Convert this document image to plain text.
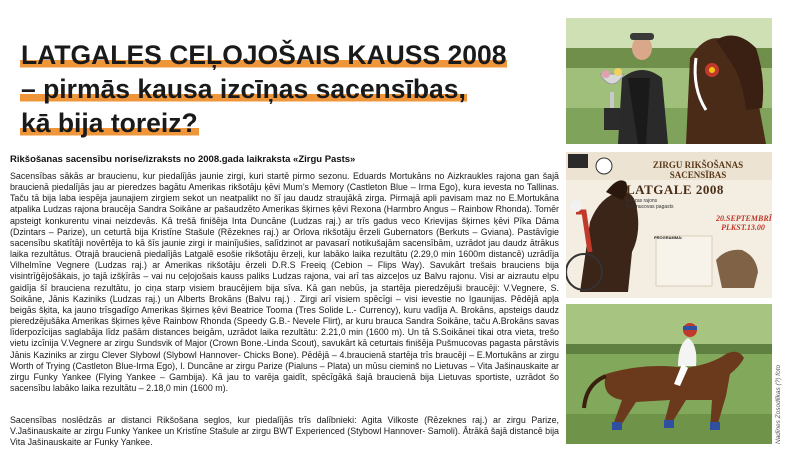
LATGALES CEĻOJOŠAIS KAUSS 2008
– pirmās kausa izcīņas sacensības,
kā bija toreiz?
Rikšošanas sacensību norise/izraksts no 2008.gada laikraksta «Zirgu Pasts»

Sacensības sākās ar braucienu, kur piedalījās jaunie zirgi, kuri startē pirmo sezonu. Eduards Mortukāns no Aizkraukles rajona gan šajā braucienā piedalījās jau ar pieredzes bagātu Amerikas rikšotāju ķēvi Mum’s Memory (Castleton Blue – Irma Ego), kura ievesta no Tallinas. Taču tā bija laba iespēja jaunajiem zirgiem sekot un neatpalikt no šī jau daudz straujākā zirga. Pirmajā apli pavisam maz no E.Mortukāna atpalika Ludzas rajona braucēja Sandra Soikāne ar pašaudzēto Amerikas šķirnes ķēvi Rexona (Harmbro Angus – Rainbow Rhonda). Tomēr apsteigt konkurentu vinai neizdevās. Kā trešā finišēja Inta Duncāne (Ludzas raj.) ar trīs gadus veco Krievijas šķirnes ķēvi Pīka Dāma (Dzintars – Parize), un ceturtā bija Kristīne Stašule (Rēzeknes raj.) ar Orlova rikšotāju ērzeli Gubernators (Berkuts – Gviana). Pastāvīgie sacensību skatītāji novērtēja to kā šīs jaunie zirgi ir mainījušies, salīdzinot ar pavasarī notikušajām sacensībām, uzrādot jau daudz ātrākus laika rezultātus. Otrajā braucienā piedalījās Latgalē esošie rikšotāju ērzeļi, kur labāko laika rezultātu (2.29,0 min 1600m distancē) uzrādīja Vilhelmīne Vegnere (Ludzas raj.) ar Amerikas rikšotāju ērzeli D.R.S Freeiq (Cebion – Flips Way). Savukārt trešais brauciens bija visintrīģējošākais, jo tajā izšķīrās – vai nu ceļojošais kauss paliks Ludzas rajona, vai arī tas aizceļos uz Balvu rajonu. Visi ar aizrautu elpu gaidīja šī brauciena rezultātu, jo ciņa starp visiem braucējiem bija sīva. Kā gan nebūs, ja startēja pieredzējuši braucēji: V.Vegnere, S. Soikāne, Jānis Kaziniks (Ludzas raj.) un Alberts Brokāns (Balvu raj.) . Zirgi arī visiem spēcīgi – visi ievestie no Igaunijas. Pēdējā apļa beigās šķita, ka jauno trīsgadīgo Amerikas šķirnes ķēvi Beatrice Tooma (Tres Solide L.- Currency), kuru vadīja A. Brokāns, apsteigs daudz pieredzējušāka Amerikas šķirnes ķēve Rainbow Rhonda (Speedy G.B.- Nevele Flirt), ar kuru brauca Sandra Soikāne, taču A.Brokāns savas līderpozīcijas saglabāja līdz pašām distances beigām, uzrādot laika rezultātu: 2.21,0 min (1600 m). Un tā S.Soikānei tikai otra vieta, trešo vietu izcīnija V.Vegnere ar zirgu Sundsvik of Major (Crown Bone.-Linda Scout), savukārt kā ceturtais finišēja Pušmucovas pagasta pārstāvis Jānis Kaziniks ar zirgu Clever Slybowl (Slybowl Hannover- Chicks Bone). Pēdējā – 4.braucienā startēja trīs braucēji – E.Mortukāns ar zirgu Worth of Trying (Castleton Blue-Irma Ego), I. Duncāne ar zirgu Parize (Pialuns – Plata) un mūsu cieminš no Lietuvas – Vita Jašinauskaite ar zirgu Funky Yankee (Flying Yankee – Gambija). Kā jau to varēja gaidīt, spēcīgākā šajā braucienā bija Lietuvas sportiste, uzrādot šo sacensību labāko laika rezultātu – 2.18,0 min (1600 m).

Sacensības noslēdzās ar distanci Rikšošana seglos, kur piedalījās trīs dalībnieki: Agita Vilkoste (Rēzeknes raj.) ar zirgu Parize, V.Jašinauskaite ar zirgu Funky Yankee un Kristīne Stašule ar zirgu BWT Experienced (Stybowl Hannover- Samoli). Ātrākā šajā distancē bija Vita Jašinauskaite ar Funky Yankee.

ZIRGU RIKŠOŠANAS SACENSĪBAS
LATGALE 2008
Ludzas rajons
Pušmucovas pagasts
20.SEPTEMBRĪ
PLKST.13.00
PROGRAMMA:
Nadīnes Zosodlīkas (?) foto
